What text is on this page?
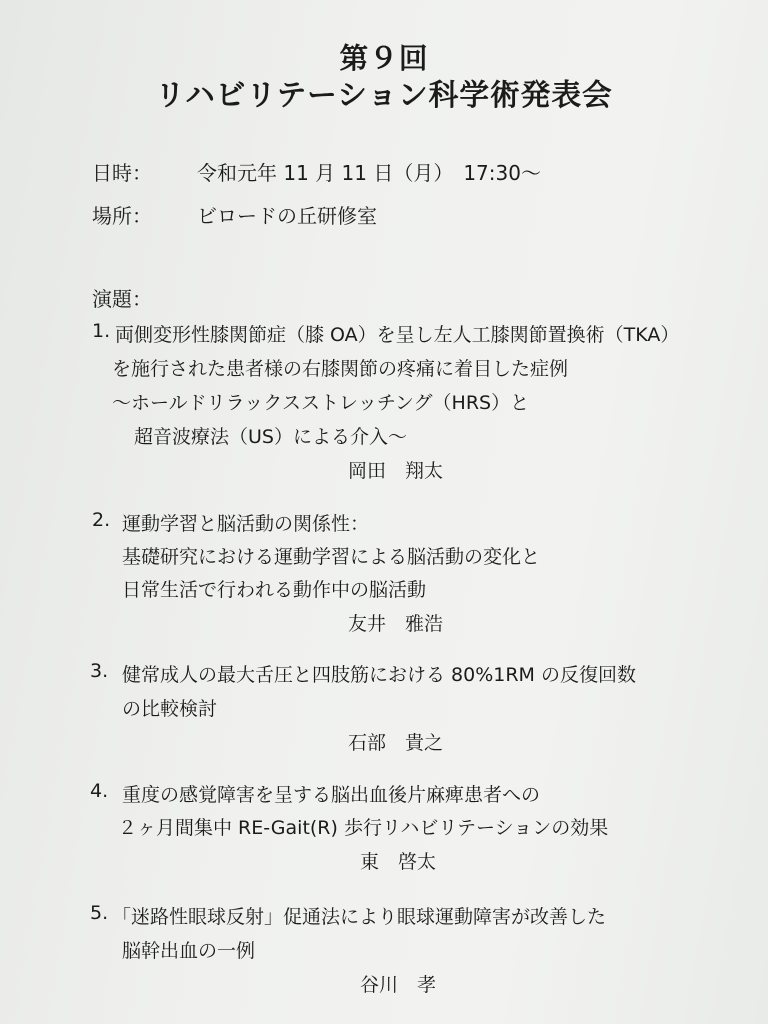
第９回
リハビリテーション科学術発表会
日時： 令和元年 11 月 11 日（月）　17:30～
場所： ビロードの丘研修室
演題：
1. 両側変形性膝関節症（膝 OA）を呈し左人工膝関節置換術（TKA）
を施行された患者様の右膝関節の疼痛に着目した症例
～ホールドリラックスストレッチング（HRS）と
超音波療法（US）による介入～
岡田　翔太
2. 運動学習と脳活動の関係性：
基礎研究における運動学習による脳活動の変化と
日常生活で行われる動作中の脳活動
友井　雅浩
3. 健常成人の最大舌圧と四肢筋における 80%1RM の反復回数
の比較検討
石部　貴之
4. 重度の感覚障害を呈する脳出血後片麻痺患者への
２ヶ月間集中 RE-Gait(R) 歩行リハビリテーションの効果
東　啓太
5. 「迷路性眼球反射」促通法により眼球運動障害が改善した
脳幹出血の一例
谷川　孝
